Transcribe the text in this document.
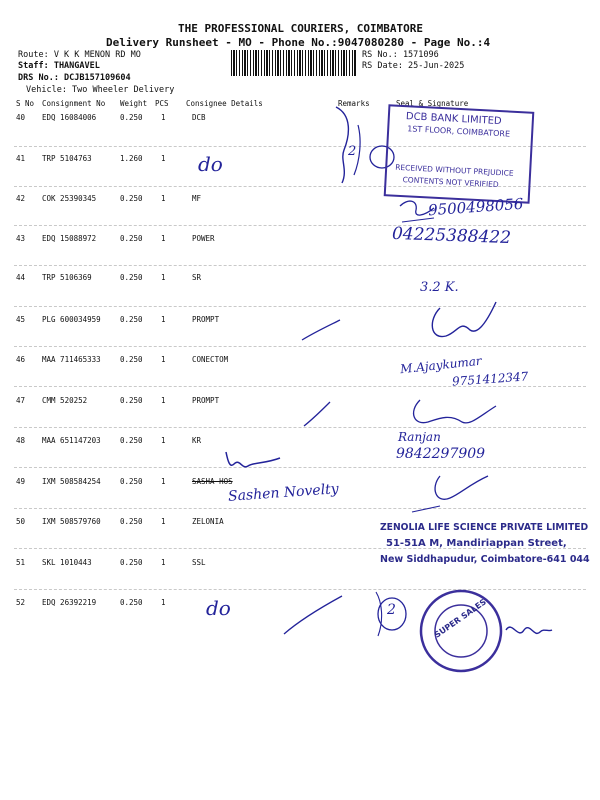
THE PROFESSIONAL COURIERS, COIMBATORE
Delivery Runsheet - MO - Phone No.:9047080280 - Page No.:4
Route: V K K MENON RD MO
Staff: THANGAVEL
DRS No.: DCJB157109604
Vehicle: Two Wheeler Delivery
RS No.: 1571096
RS Date: 25-Jun-2025
S No Consignment No Weight PCS Consignee Details	Remarks	Seal & Signature
40 EDQ 16084006	0.250 1	DCB
41 TRP 5104763	1.260 1
42 COK 25390345	0.250 1	MF
43 EDQ 15088972	0.250 1	POWER
44 TRP 5106369	0.250 1	SR
45 PLG 600034959	0.250 1	PROMPT
46 MAA 711465333	0.250 1	CONECTOM
47 CMM 520252	0.250 1	PROMPT
48 MAA 651147203	0.250 1	KR
49 IXM 508584254	0.250 1	SASHA HOS
50 IXM 508579760	0.250 1	ZELONIA
51 SKL 1010443	0.250 1	SSL
52 EDQ 26392219	0.250 1
2
do
DCB BANK LIMITED
1ST FLOOR, COIMBATORE
RECEIVED WITHOUT PREJUDICE
CONTENTS NOT VERIFIED
9500498056
04225388422
3.2 K.
M.Ajaykumar
9751412347
Ranjan
9842297909
Sashen Novelty
ZENOLIA LIFE SCIENCE PRIVATE LIMITED
51-51A M, Mandiriappan Street,
New Siddhapudur, Coimbatore-641 044
do	2	SUPER SALES
